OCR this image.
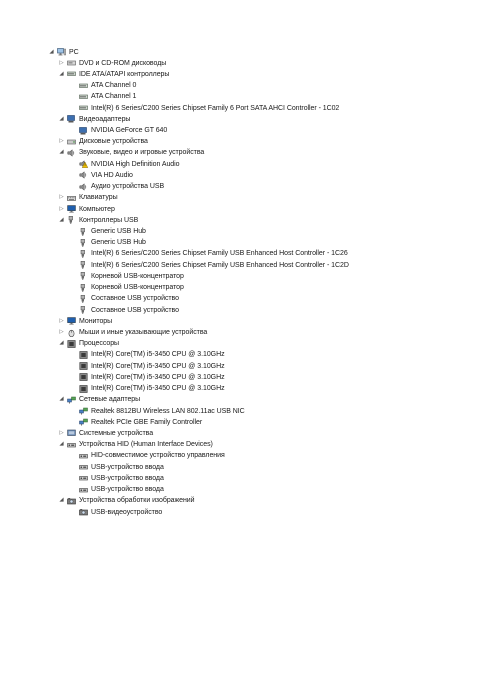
◢ PC
▷ DVD и CD-ROM дисководы
◢ IDE ATA/ATAPI контроллеры
ATA Channel 0
ATA Channel 1
Intel(R) 6 Series/C200 Series Chipset Family 6 Port SATA AHCI Controller - 1C02
◢ Видеоадаптеры
NVIDIA GeForce GT 640
▷ Дисковые устройства
◢ Звуковые, видео и игровые устройства
NVIDIA High Definition Audio
VIA HD Audio
Аудио устройства USB
▷ Клавиатуры
▷ Компьютер
◢ Контроллеры USB
Generic USB Hub
Generic USB Hub
Intel(R) 6 Series/C200 Series Chipset Family USB Enhanced Host Controller - 1C26
Intel(R) 6 Series/C200 Series Chipset Family USB Enhanced Host Controller - 1C2D
Корневой USB-концентратор
Корневой USB-концентратор
Составное USB устройство
Составное USB устройство
▷ Мониторы
▷ Мыши и иные указывающие устройства
◢ Процессоры
Intel(R) Core(TM) i5-3450 CPU @ 3.10GHz
Intel(R) Core(TM) i5-3450 CPU @ 3.10GHz
Intel(R) Core(TM) i5-3450 CPU @ 3.10GHz
Intel(R) Core(TM) i5-3450 CPU @ 3.10GHz
◢ Сетевые адаптеры
Realtek 8812BU Wireless LAN 802.11ac USB NIC
Realtek PCIe GBE Family Controller
▷ Системные устройства
◢ Устройства HID (Human Interface Devices)
HID-совместимое устройство управления
USB-устройство ввода
USB-устройство ввода
USB-устройство ввода
◢ Устройства обработки изображений
USB-видеоустройство
